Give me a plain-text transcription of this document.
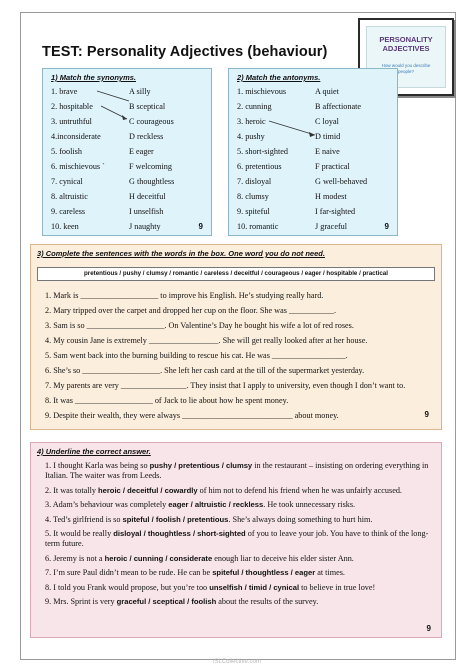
TEST: Personality Adjectives (behaviour)
PERSONALITY ADJECTIVES
How would you describe people?
1) Match the synonyms.
1. brave	A silly
2. hospitable	B sceptical
3. untruthful	C courageous
4.inconsiderate	D reckless
5. foolish	E eager
6. mischievous `	F welcoming
7. cynical	G thoughtless
8. altruistic	H deceitful
9. careless	I unselfish
10. keen	J naughty	9
2) Match the antonyms.
1. mischievous	A quiet
2. cunning	B affectionate
3. heroic	C loyal
4. pushy	D timid
5. short-sighted	E naive
6. pretentious	F practical
7. disloyal	G well-behaved
8. clumsy	H modest
9. spiteful	I far-sighted
10. romantic	J graceful	9
3) Complete the sentences with the words in the box. One word you do not need.
pretentious / pushy / clumsy / romantic / careless / deceitful / courageous / eager / hospitable / practical
1. Mark is ___________________ to improve his English. He’s studying really hard.
2. Mary tripped over the carpet and dropped her cup on the floor. She was ___________.
3. Sam is so ___________________. On Valentine’s Day he bought his wife a lot of red roses.
4. My cousin Jane is extremely _________________. She will get really looked after at her house.
5. Sam went back into the burning building to rescue his cat. He was __________________.
6. She’s so ___________________. She left her cash card at the till of the supermarket yesterday.
7. My parents are very ________________. They insist that I apply to university, even though I don’t want to.
8. It was ___________________ of Jack to lie about how he spent money.
9. Despite their wealth, they were always ___________________________ about money.	9
4) Underline the correct answer.
1. I thought Karla was being so pushy / pretentious / clumsy in the restaurant – insisting on ordering everything in Italian. The waiter was from Leeds.
2. It was totally heroic / deceitful / cowardly of him not to defend his friend when he was unfairly accused.
3. Adam’s behaviour was completely eager / altruistic / reckless. He took unnecessary risks.
4. Ted’s girlfriend is so spiteful / foolish / pretentious. She’s always doing something to hurt him.
5. It would be really disloyal / thoughtless / short-sighted of you to leave your job. You have to think of the long-term future.
6. Jeremy is not a heroic / cunning / considerate enough liar to deceive his elder sister Ann.
7. I’m sure Paul didn’t mean to be rude. He can be spiteful / thoughtless / eager at times.
8. I told you Frank would propose, but you’re too unselfish / timid / cynical to believe in true love!
9. Mrs. Sprint is very graceful / sceptical / foolish about the results of the survey.
9
iSLCollective.com
